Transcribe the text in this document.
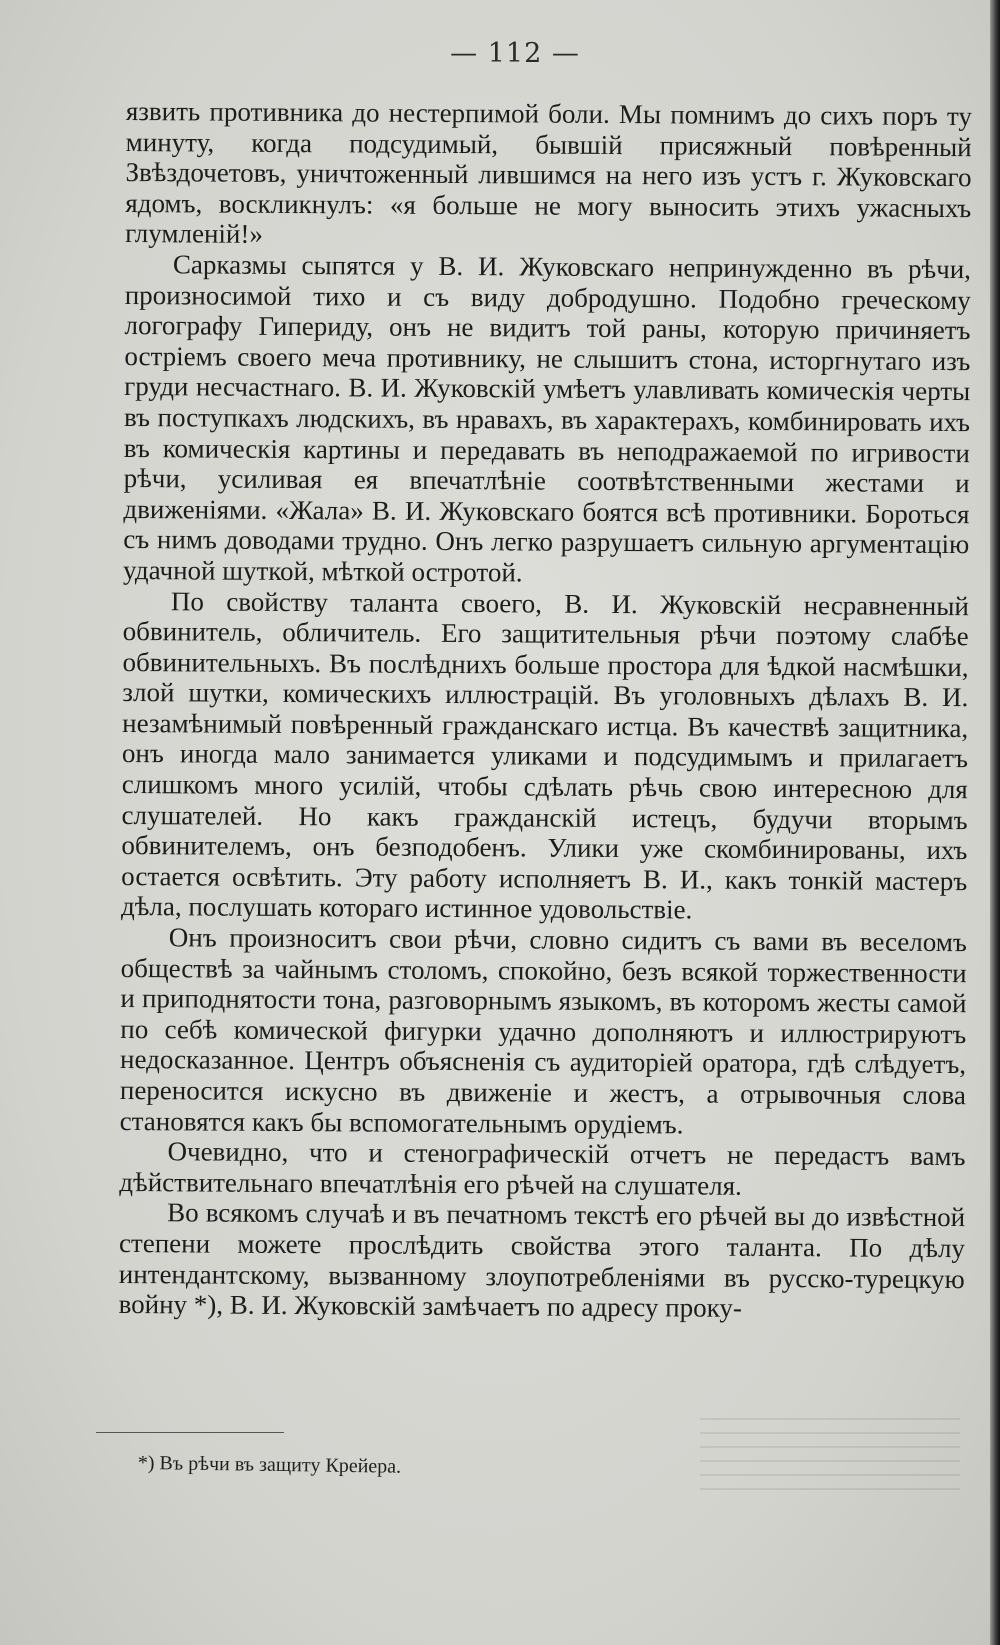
— 112 —

язвить противника до нестерпимой боли. Мы помнимъ до сихъ поръ ту минуту, когда подсудимый, бывшiй присяжный повѣренный Звѣздочетовъ, уничтоженный лившимся на него изъ устъ г. Жуковскаго ядомъ, воскликнулъ: «я больше не могу выносить этихъ ужасныхъ глумленiй!»

Сарказмы сыпятся у В. И. Жуковскаго непринужденно въ рѣчи, произносимой тихо и съ виду добродушно. Подобно греческому логографу Гипериду, онъ не видитъ той раны, которую причиняетъ остріемъ своего меча противнику, не слышитъ стона, исторгнутаго изъ груди несчастнаго. В. И. Жуковскiй умѣетъ улавливать комическiя черты въ поступкахъ людскихъ, въ нравахъ, въ характерахъ, комбинировать ихъ въ комическiя картины и передавать въ неподражаемой по игривости рѣчи, усиливая ея впечатлѣнiе соотвѣтственными жестами и движенiями. «Жала» В. И. Жуковскаго боятся всѣ противники. Бороться съ нимъ доводами трудно. Онъ легко разрушаетъ сильную аргументацiю удачной шуткой, мѣткой остротой.

По свойству таланта своего, В. И. Жуковскiй несравненный обвинитель, обличитель. Его защитительныя рѣчи поэтому слабѣе обвинительныхъ. Въ послѣднихъ больше простора для ѣдкой насмѣшки, злой шутки, комическихъ иллюстрацiй. Въ уголовныхъ дѣлахъ В. И. незамѣнимый повѣренный гражданскаго истца. Въ качествѣ защитника, онъ иногда мало занимается уликами и подсудимымъ и прилагаетъ слишкомъ много усилiй, чтобы сдѣлать рѣчь свою интересною для слушателей. Но какъ гражданскiй истецъ, будучи вторымъ обвинителемъ, онъ безподобенъ. Улики уже скомбинированы, ихъ остается освѣтить. Эту работу исполняетъ В. И., какъ тонкiй мастеръ дѣла, послушать котораго истинное удовольствiе.

Онъ произноситъ свои рѣчи, словно сидитъ съ вами въ веселомъ обществѣ за чайнымъ столомъ, спокойно, безъ всякой торжественности и приподнятости тона, разговорнымъ языкомъ, въ которомъ жесты самой по себѣ комической фигурки удачно дополняютъ и иллюстрируютъ недосказанное. Центръ объясненiя съ аудиторiей оратора, гдѣ слѣдуетъ, переносится искусно въ движенiе и жестъ, а отрывочныя слова становятся какъ бы вспомогательнымъ орудiемъ.

Очевидно, что и стенографическiй отчетъ не передастъ вамъ дѣйствительнаго впечатлѣнiя его рѣчей на слушателя.

Во всякомъ случаѣ и въ печатномъ текстѣ его рѣчей вы до извѣстной степени можете прослѣдить свойства этого таланта. По дѣлу интендантскому, вызванному злоупотребленiями въ русско-турецкую войну *), В. И. Жуковскiй замѣчаетъ по адресу проку-

*) Въ рѣчи въ защиту Крейера.
